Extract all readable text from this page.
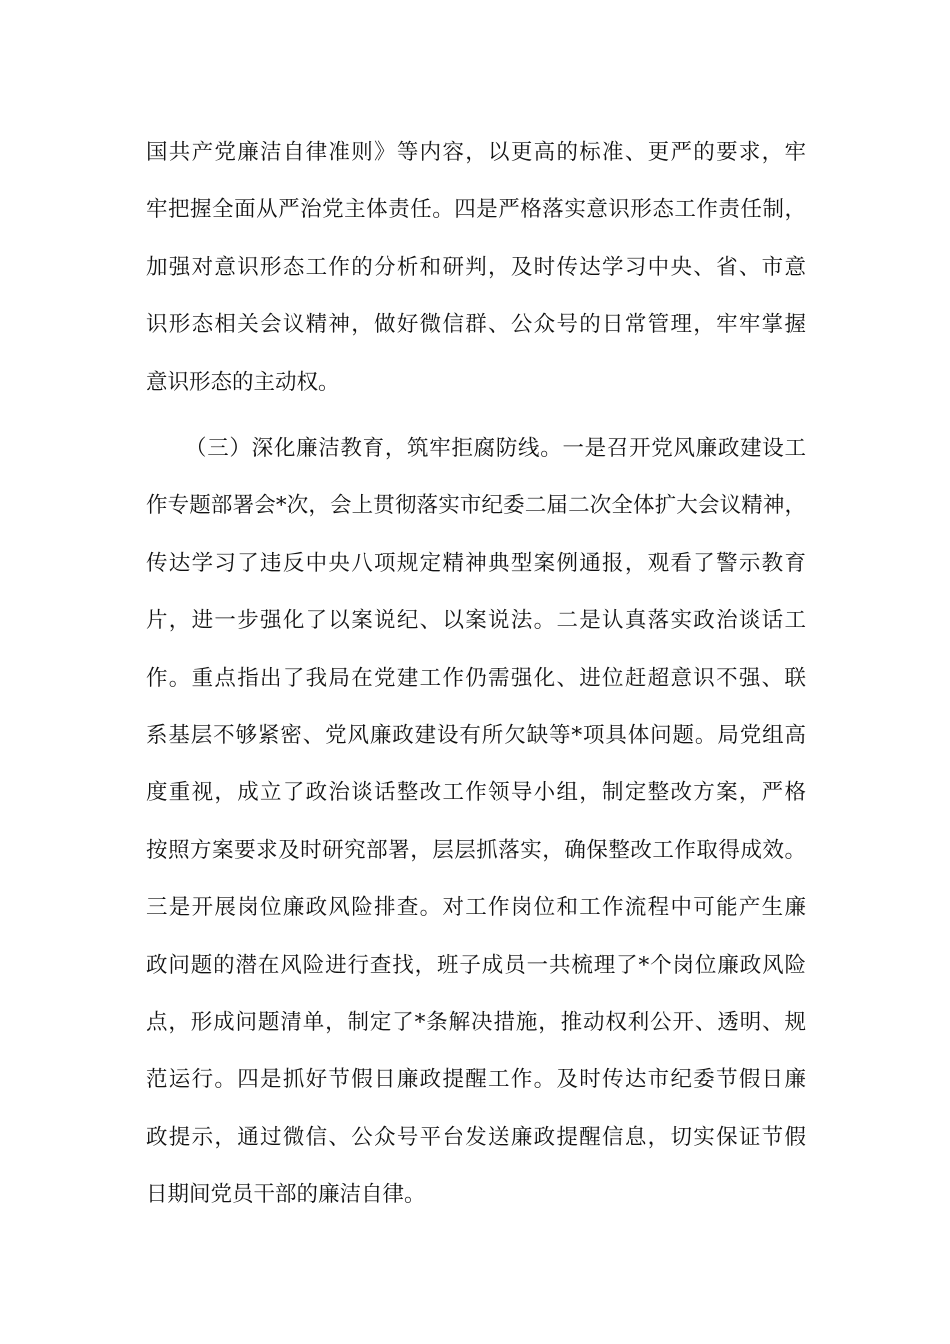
国共产党廉洁自律准则》等内容，以更高的标准、更严的要求，牢
牢把握全面从严治党主体责任。四是严格落实意识形态工作责任制，
加强对意识形态工作的分析和研判，及时传达学习中央、省、市意
识形态相关会议精神，做好微信群、公众号的日常管理，牢牢掌握
意识形态的主动权。
（三）深化廉洁教育，筑牢拒腐防线。一是召开党风廉政建设工
作专题部署会*次，会上贯彻落实市纪委二届二次全体扩大会议精神，
传达学习了违反中央八项规定精神典型案例通报，观看了警示教育
片，进一步强化了以案说纪、以案说法。二是认真落实政治谈话工
作。重点指出了我局在党建工作仍需强化、进位赶超意识不强、联
系基层不够紧密、党风廉政建设有所欠缺等*项具体问题。局党组高
度重视，成立了政治谈话整改工作领导小组，制定整改方案，严格
按照方案要求及时研究部署，层层抓落实，确保整改工作取得成效。
三是开展岗位廉政风险排查。对工作岗位和工作流程中可能产生廉
政问题的潜在风险进行查找，班子成员一共梳理了*个岗位廉政风险
点，形成问题清单，制定了*条解决措施，推动权利公开、透明、规
范运行。四是抓好节假日廉政提醒工作。及时传达市纪委节假日廉
政提示，通过微信、公众号平台发送廉政提醒信息，切实保证节假
日期间党员干部的廉洁自律。
